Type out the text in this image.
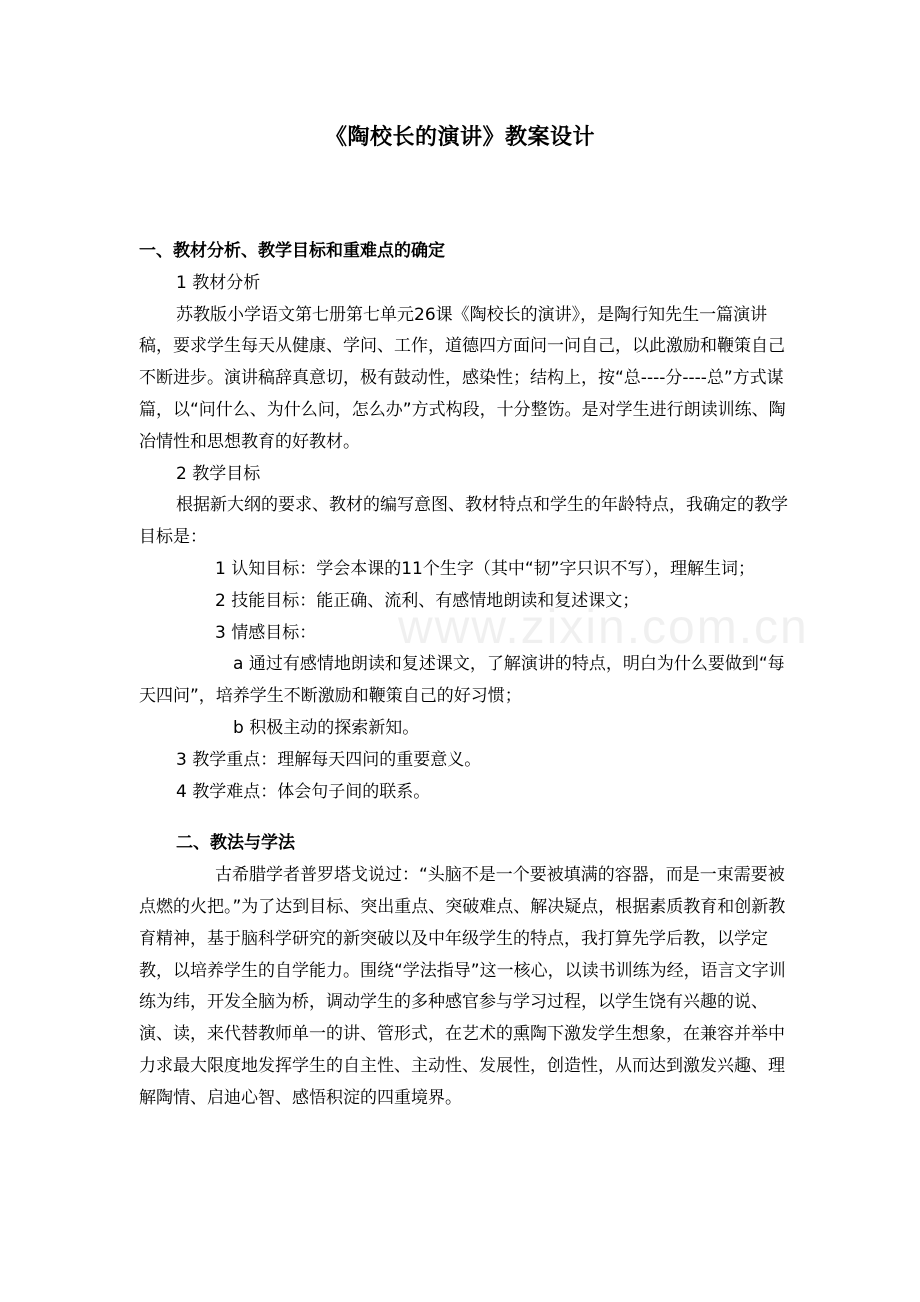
www.zixin.com.cn
《陶校长的演讲》教案设计

一、教材分析、教学目标和重难点的确定

1 教材分析

苏教版小学语文第七册第七单元26课《陶校长的演讲》，是陶行知先生一篇演讲稿，要求学生每天从健康、学问、工作，道德四方面问一问自己，以此激励和鞭策自己不断进步。演讲稿辞真意切，极有鼓动性，感染性；结构上，按“总----分----总”方式谋篇，以“问什么、为什么问，怎么办”方式构段，十分整饬。是对学生进行朗读训练、陶冶情性和思想教育的好教材。

2 教学目标

根据新大纲的要求、教材的编写意图、教材特点和学生的年龄特点，我确定的教学目标是：

1 认知目标：学会本课的11个生字（其中“韧”字只识不写），理解生词；

2 技能目标：能正确、流利、有感情地朗读和复述课文；

3 情感目标：

a 通过有感情地朗读和复述课文，了解演讲的特点，明白为什么要做到“每天四问”，培养学生不断激励和鞭策自己的好习惯；

b 积极主动的探索新知。

3 教学重点：理解每天四问的重要意义。

4 教学难点：体会句子间的联系。

二、教法与学法

古希腊学者普罗塔戈说过：“头脑不是一个要被填满的容器，而是一束需要被点燃的火把。”为了达到目标、突出重点、突破难点、解决疑点，根据素质教育和创新教育精神，基于脑科学研究的新突破以及中年级学生的特点，我打算先学后教，以学定教，以培养学生的自学能力。围绕“学法指导”这一核心，以读书训练为经，语言文字训练为纬，开发全脑为桥，调动学生的多种感官参与学习过程，以学生饶有兴趣的说、演、读，来代替教师单一的讲、管形式，在艺术的熏陶下激发学生想象，在兼容并举中力求最大限度地发挥学生的自主性、主动性、发展性，创造性，从而达到激发兴趣、理解陶情、启迪心智、感悟积淀的四重境界。
